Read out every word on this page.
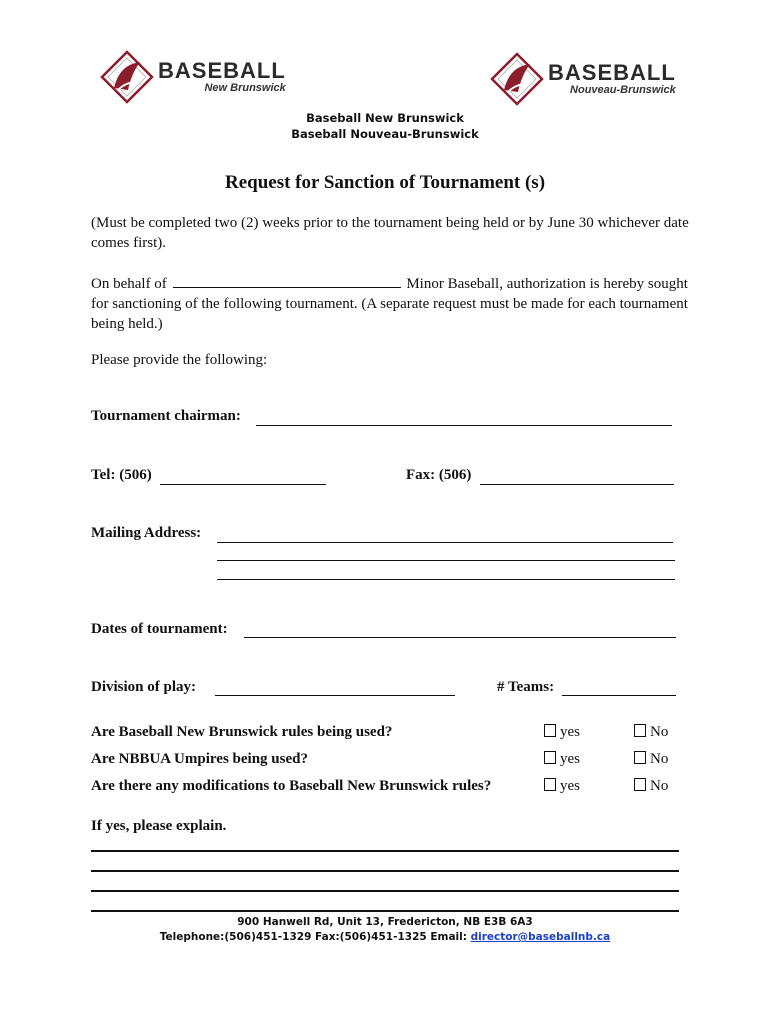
BASEBALL
New Brunswick
BASEBALL
Nouveau-Brunswick
Baseball New Brunswick
Baseball Nouveau-Brunswick
Request for Sanction of Tournament (s)
(Must be completed two (2) weeks prior to the tournament being held or by June 30 whichever date comes first).
On behalf of	Minor Baseball, authorization is hereby sought for sanctioning of the following tournament. (A separate request must be made for each tournament being held.)
Please provide the following:
Tournament chairman:
Tel: (506)	Fax: (506)
Mailing Address:
Dates of tournament:
Division of play:	# Teams:
Are Baseball New Brunswick rules being used?	yes	No
Are NBBUA Umpires being used?	yes	No
Are there any modifications to Baseball New Brunswick rules?	yes	No
If yes, please explain.
900 Hanwell Rd, Unit 13, Fredericton, NB E3B 6A3
Telephone:(506)451-1329 Fax:(506)451-1325 Email: director@baseballnb.ca
